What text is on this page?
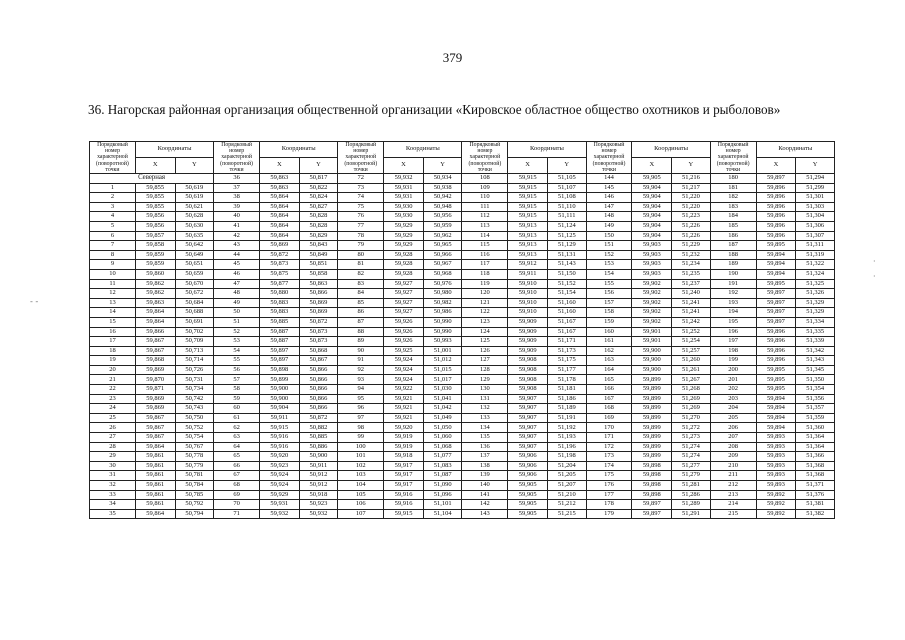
379
36. Нагорская районная организация общественной организации «Кировское областное общество охотников и рыболовов»
- -
·
·
Порядковый номер характерной (поворотной) точки	Координаты		Порядковый номер характерной (поворотной) точки	Координаты		Порядковый номер характерной (поворотной) точки	Координаты		Порядковый номер характерной (поворотной) точки	Координаты		Порядковый номер характерной (поворотной) точки	Координаты		Порядковый номер характерной (поворотной) точки	Координаты	
	X	Y		X	Y		X	Y		X	Y		X	Y		X	Y
Северная			36	59,863	50,817	72	59,932	50,934	108	59,915	51,105	144	59,905	51,216	180	59,897	51,294
1	59,855	50,619	37	59,863	50,822	73	59,931	50,938	109	59,915	51,107	145	59,904	51,217	181	59,896	51,299
2	59,855	50,619	38	59,864	50,824	74	59,931	50,942	110	59,915	51,108	146	59,904	51,220	182	59,896	51,301
3	59,855	50,621	39	59,864	50,827	75	59,930	50,948	111	59,915	51,110	147	59,904	51,220	183	59,896	51,303
4	59,856	50,628	40	59,864	50,828	76	59,930	50,956	112	59,915	51,111	148	59,904	51,223	184	59,896	51,304
5	59,856	50,630	41	59,864	50,828	77	59,929	50,959	113	59,913	51,124	149	59,904	51,226	185	59,896	51,306
6	59,857	50,635	42	59,864	50,829	78	59,929	50,962	114	59,913	51,125	150	59,904	51,226	186	59,896	51,307
7	59,858	50,642	43	59,869	50,843	79	59,929	50,965	115	59,913	51,129	151	59,903	51,229	187	59,895	51,311
8	59,859	50,649	44	59,872	50,849	80	59,928	50,966	116	59,913	51,131	152	59,903	51,232	188	59,894	51,319
9	59,859	50,651	45	59,873	50,851	81	59,928	50,967	117	59,912	51,143	153	59,903	51,234	189	59,894	51,322
10	59,860	50,659	46	59,875	50,858	82	59,928	50,968	118	59,911	51,150	154	59,903	51,235	190	59,894	51,324
11	59,862	50,670	47	59,877	50,863	83	59,927	50,976	119	59,910	51,152	155	59,902	51,237	191	59,895	51,325
12	59,862	50,672	48	59,880	50,866	84	59,927	50,980	120	59,910	51,154	156	59,902	51,240	192	59,897	51,326
13	59,863	50,684	49	59,883	50,869	85	59,927	50,982	121	59,910	51,160	157	59,902	51,241	193	59,897	51,329
14	59,864	50,688	50	59,883	50,869	86	59,927	50,986	122	59,910	51,160	158	59,902	51,241	194	59,897	51,329
15	59,864	50,691	51	59,885	50,872	87	59,926	50,990	123	59,909	51,167	159	59,902	51,242	195	59,897	51,334
16	59,866	50,702	52	59,887	50,873	88	59,926	50,990	124	59,909	51,167	160	59,901	51,252	196	59,896	51,335
17	59,867	50,709	53	59,887	50,873	89	59,926	50,993	125	59,909	51,171	161	59,901	51,254	197	59,896	51,339
18	59,867	50,713	54	59,897	50,868	90	59,925	51,001	126	59,909	51,173	162	59,900	51,257	198	59,896	51,342
19	59,868	50,714	55	59,897	50,867	91	59,924	51,012	127	59,908	51,175	163	59,900	51,260	199	59,896	51,343
20	59,869	50,726	56	59,898	50,866	92	59,924	51,015	128	59,908	51,177	164	59,900	51,261	200	59,895	51,345
21	59,870	50,731	57	59,899	50,866	93	59,924	51,017	129	59,908	51,178	165	59,899	51,267	201	59,895	51,350
22	59,871	50,734	58	59,900	50,866	94	59,922	51,030	130	59,908	51,181	166	59,899	51,268	202	59,895	51,354
23	59,869	50,742	59	59,900	50,866	95	59,921	51,041	131	59,907	51,186	167	59,899	51,269	203	59,894	51,356
24	59,869	50,743	60	59,904	50,866	96	59,921	51,042	132	59,907	51,189	168	59,899	51,269	204	59,894	51,357
25	59,867	50,750	61	59,911	50,872	97	59,921	51,049	133	59,907	51,191	169	59,899	51,270	205	59,894	51,359
26	59,867	50,752	62	59,915	50,882	98	59,920	51,050	134	59,907	51,192	170	59,899	51,272	206	59,894	51,360
27	59,867	50,754	63	59,916	50,885	99	59,919	51,060	135	59,907	51,193	171	59,899	51,273	207	59,893	51,364
28	59,864	50,767	64	59,916	50,886	100	59,919	51,068	136	59,907	51,196	172	59,899	51,274	208	59,893	51,364
29	59,861	50,778	65	59,920	50,900	101	59,918	51,077	137	59,906	51,198	173	59,899	51,274	209	59,893	51,366
30	59,861	50,779	66	59,923	50,911	102	59,917	51,083	138	59,906	51,204	174	59,898	51,277	210	59,893	51,368
31	59,861	50,781	67	59,924	50,912	103	59,917	51,087	139	59,906	51,205	175	59,898	51,279	211	59,893	51,368
32	59,861	50,784	68	59,924	50,912	104	59,917	51,090	140	59,905	51,207	176	59,898	51,281	212	59,893	51,371
33	59,861	50,785	69	59,929	50,918	105	59,916	51,096	141	59,905	51,210	177	59,898	51,286	213	59,892	51,376
34	59,861	50,792	70	59,931	50,923	106	59,916	51,101	142	59,905	51,212	178	59,897	51,289	214	59,892	51,381
35	59,864	50,794	71	59,932	50,932	107	59,915	51,104	143	59,905	51,215	179	59,897	51,291	215	59,892	51,382
